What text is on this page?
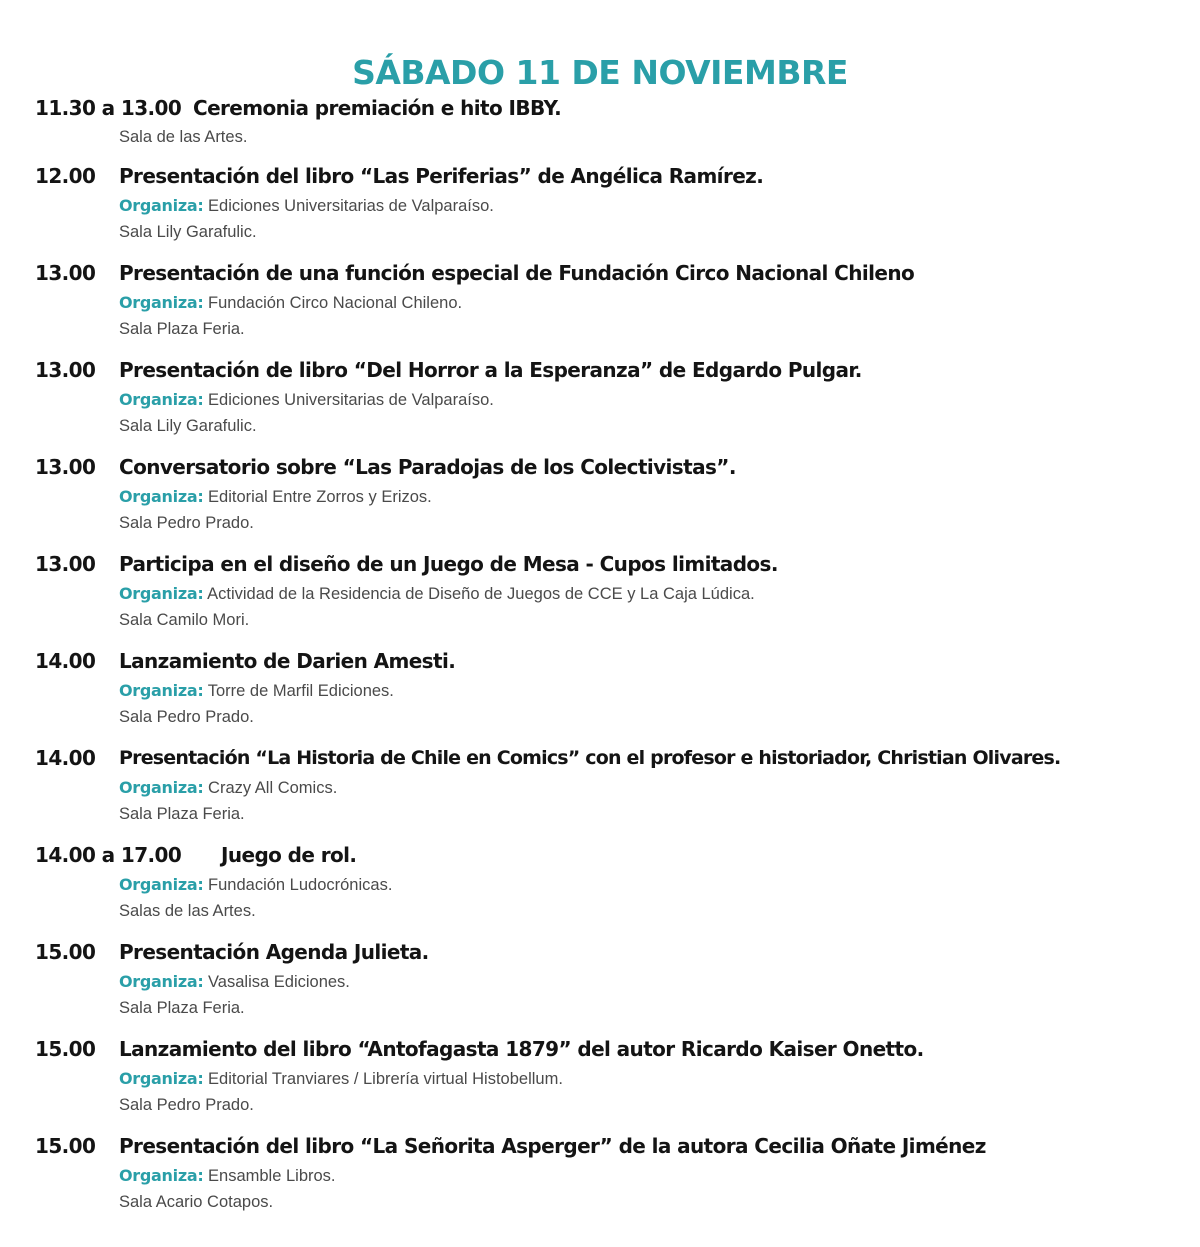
SÁBADO 11 DE NOVIEMBRE
11.30 a 13.00 Ceremonia premiación e hito IBBY.
Sala de las Artes.
12.00 Presentación del libro “Las Periferias” de Angélica Ramírez.
Organiza: Ediciones Universitarias de Valparaíso.
Sala Lily Garafulic.
13.00 Presentación de una función especial de Fundación Circo Nacional Chileno
Organiza: Fundación Circo Nacional Chileno.
Sala Plaza Feria.
13.00 Presentación de libro “Del Horror a la Esperanza” de Edgardo Pulgar.
Organiza: Ediciones Universitarias de Valparaíso.
Sala Lily Garafulic.
13.00 Conversatorio sobre “Las Paradojas de los Colectivistas”.
Organiza: Editorial Entre Zorros y Erizos.
Sala Pedro Prado.
13.00 Participa en el diseño de un Juego de Mesa - Cupos limitados.
Organiza: Actividad de la Residencia de Diseño de Juegos de CCE y La Caja Lúdica.
Sala Camilo Mori.
14.00 Lanzamiento de Darien Amesti.
Organiza: Torre de Marfil Ediciones.
Sala Pedro Prado.
14.00 Presentación “La Historia de Chile en Comics” con el profesor e historiador, Christian Olivares.
Organiza: Crazy All Comics.
Sala Plaza Feria.
14.00 a 17.00 Juego de rol.
Organiza: Fundación Ludocrónicas.
Salas de las Artes.
15.00 Presentación Agenda Julieta.
Organiza: Vasalisa Ediciones.
Sala Plaza Feria.
15.00 Lanzamiento del libro “Antofagasta 1879” del autor Ricardo Kaiser Onetto.
Organiza: Editorial Tranviares / Librería virtual Histobellum.
Sala Pedro Prado.
15.00 Presentación del libro “La Señorita Asperger” de la autora Cecilia Oñate Jiménez
Organiza: Ensamble Libros.
Sala Acario Cotapos.
